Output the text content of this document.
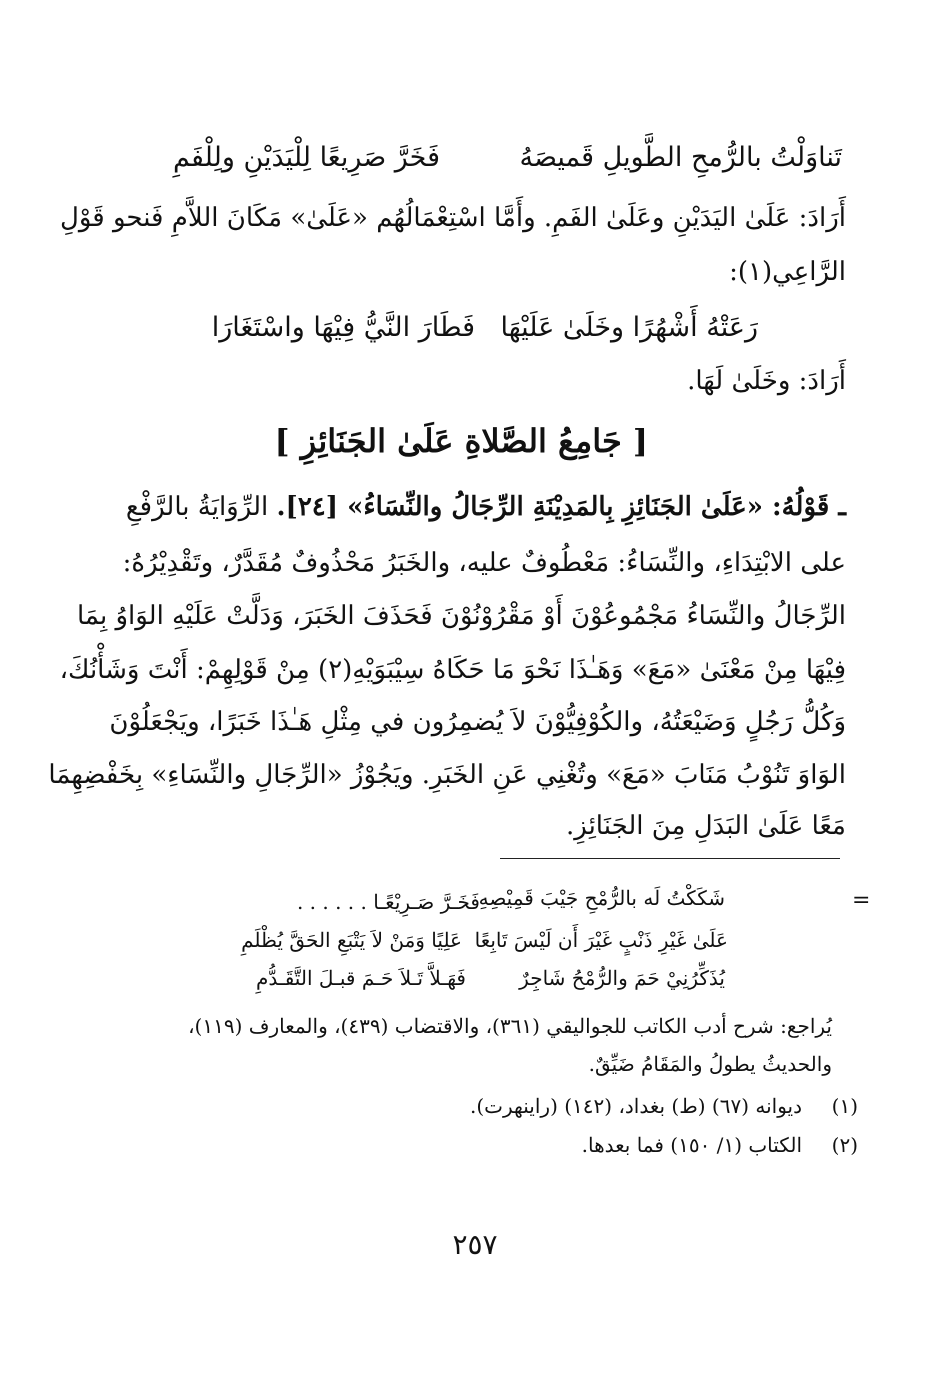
تَناوَلْتُ بالرُّمحِ الطَّويلِ قَميصَهُ
فَخَرَّ صَرِيعًا لِلْيَدَيْنِ ولِلْفَمِ
أَرَادَ: عَلَىٰ اليَدَيْنِ وعَلَىٰ الفَمِ. وأَمَّا اسْتِعْمَالُهُم «عَلَىٰ» مَكَانَ اللاَّمِ فَنحو قَوْلِ
الرَّاعِي(١):
رَعَتْهُ أَشْهُرًا وخَلَىٰ عَلَيْهَا
فَطَارَ النَّيُّ فِيْهَا واسْتَغَارَا
أَرَادَ: وخَلَىٰ لَهَا.
[ جَامِعُ الصَّلاةِ عَلَىٰ الجَنَائِزِ ]
ـ قَوْلُهُ: «عَلَىٰ الجَنَائِزِ بِالمَدِيْنَةِ الرِّجَالُ والنِّسَاءُ» [٢٤]. الرِّوَايَةُ بالرَّفْعِ
على الابْتِدَاءِ، والنِّسَاءُ: مَعْطُوفٌ عليه، والخَبَرُ مَحْذُوفٌ مُقَدَّرٌ، وتَقْدِيْرُهُ:
الرِّجَالُ والنِّسَاءُ مَجْمُوعُوْنَ أَوْ مَقْرُوْنُوْنَ فَحَذَفَ الخَبَرَ، وَدَلَّتْ عَلَيْهِ الوَاوُ بِمَا
فِيْهَا مِنْ مَعْنَىٰ «مَعَ» وَهَـٰذَا نَحْوَ مَا حَكَاهُ سِيْبَوَيْهِ(٢) مِنْ قَوْلِهِمْ: أَنْتَ وَشَأْنُكَ،
وَكُلُّ رَجُلٍ وَضَيْعَتُهُ، والكُوْفِيُّوْنَ لاَ يُضمِرُون في مِثْلِ هَـٰذَا خَبَرًا، ويَجْعَلُوْنَ
الوَاوَ تَنُوْبُ مَنَابَ «مَعَ» وتُغْنِي عَنِ الخَبَرِ. ويَجُوْزُ «الرِّجَالِ والنِّسَاءِ» بِخَفْضِهِمَا
مَعًا عَلَىٰ البَدَلِ مِنَ الجَنَائِزِ.
=
شَكَكْتُ لَه بالرُّمْحِ جَيْبَ قَمِيْصِهِ
فَخَـرَّ صَـرِيْعًـا . . . . . .
عَلَىٰ غَيْرِ ذَنْبٍ غَيْرَ أَن لَيْسَ تَابِعًا
عَلِيًا وَمَنْ لاَ يَتْبَعِ الحَقَّ يُظْلَمِ
يُذَكِّرُنِيْ حَمَ والرُّمْحُ شَاجِرٌ
فَهَـلاَّ تَـلاَ حَـمَ قبـلَ التَّقَـدُّمِ
يُراجع: شرح أدب الكاتب للجواليقي (٣٦١)، والاقتضاب (٤٣٩)، والمعارف (١١٩)،
والحديثُ يطولُ والمَقَامُ ضَيِّقٌ.
(١)
ديوانه (٦٧) (ط) بغداد، (١٤٢) (راينهرت).
(٢)
الكتاب (١/ ١٥٠) فما بعدها.
٢٥٧
